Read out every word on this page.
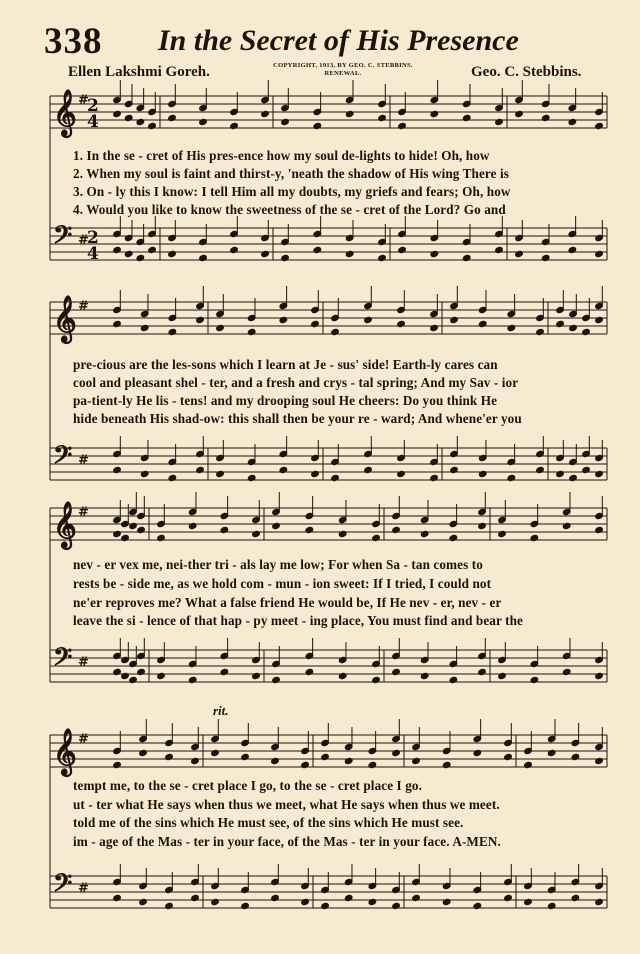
338 In the Secret of His Presence
Ellen Lakshmi Goreh.	COPYRIGHT, 1913, BY GEO. C. STEBBINS.
RENEWAL.	Geo. C. Stebbins.
𝄞 #
𝄢 #
2
4
2
4
𝄞 #
𝄢 #
𝄞 #
𝄢 #
𝄞 #
𝄢 #
1. In the se - cret of His pres-ence how my soul de-lights to hide! Oh, how
2. When my soul is faint and thirst-y, 'neath the shadow of His wing There is
3. On - ly this I know: I tell Him all my doubts, my griefs and fears; Oh, how
4. Would you like to know the sweetness of the se - cret of the Lord? Go and
pre-cious are the les-sons which I learn at Je - sus' side! Earth-ly cares can
cool and pleasant shel - ter, and a fresh and crys - tal spring; And my Sav - ior
pa-tient-ly He lis - tens! and my drooping soul He cheers: Do you think He
hide beneath His shad-ow: this shall then be your re - ward; And whene'er you
nev - er vex me, nei-ther tri - als lay me low; For when Sa - tan comes to
rests be - side me, as we hold com - mun - ion sweet: If I tried, I could not
ne'er reproves me? What a false friend He would be, If He nev - er, nev - er
leave the si - lence of that hap - py meet - ing place, You must find and bear the
tempt me, to the se - cret place I go, to the se - cret place I go.
ut - ter what He says when thus we meet, what He says when thus we meet.
told me of the sins which He must see, of the sins which He must see.
im - age of the Mas - ter in your face, of the Mas - ter in your face. A-MEN.
rit.
